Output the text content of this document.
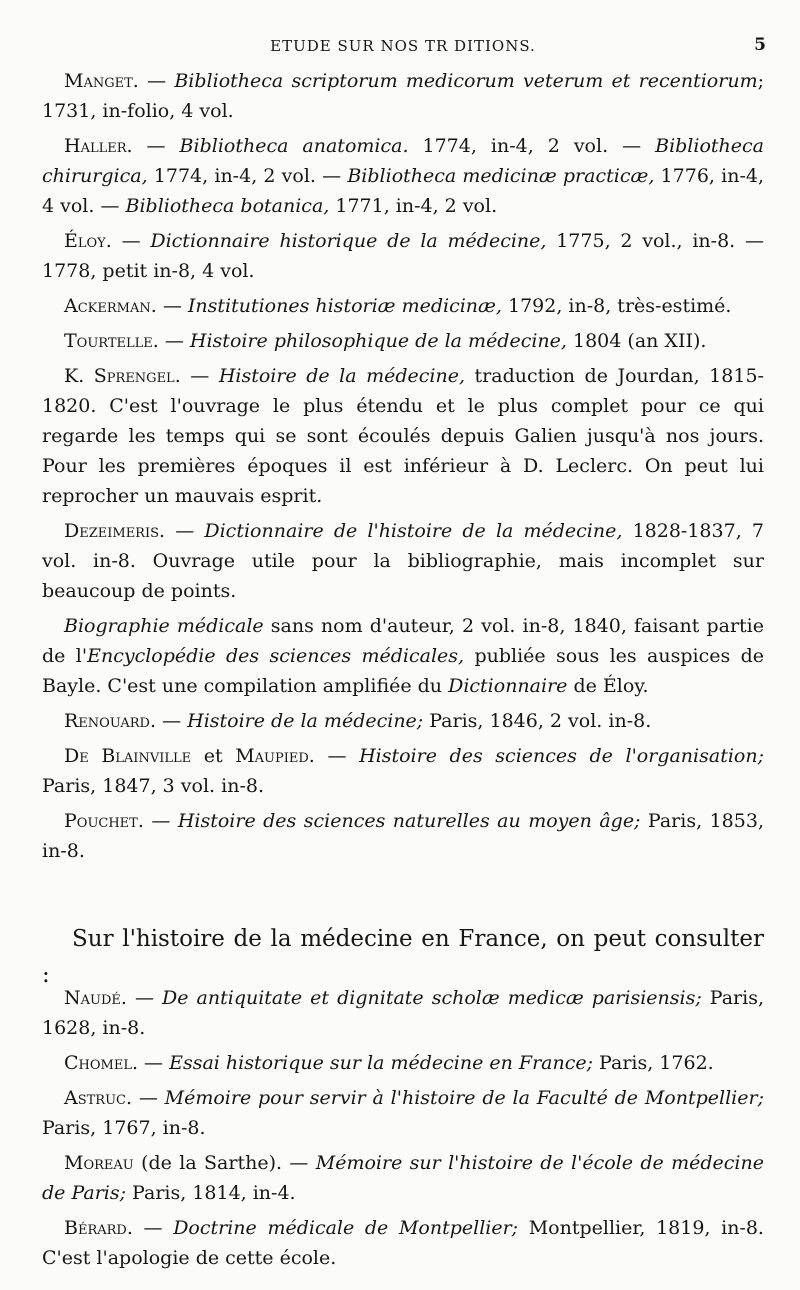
ETUDE SUR NOS TR DITIONS.	5

Manget. — Bibliotheca scriptorum medicorum veterum et recentiorum; 1731, in-folio, 4 vol.

Haller. — Bibliotheca anatomica. 1774, in-4, 2 vol. — Bibliotheca chirurgica, 1774, in-4, 2 vol. — Bibliotheca medicinæ practicæ, 1776, in-4, 4 vol. — Bibliotheca botanica, 1771, in-4, 2 vol.

Éloy. — Dictionnaire historique de la médecine, 1775, 2 vol., in-8. — 1778, petit in-8, 4 vol.

Ackerman. — Institutiones historiæ medicinæ, 1792, in-8, très-estimé.

Tourtelle. — Histoire philosophique de la médecine, 1804 (an XII).

K. Sprengel. — Histoire de la médecine, traduction de Jourdan, 1815-1820. C'est l'ouvrage le plus étendu et le plus complet pour ce qui regarde les temps qui se sont écoulés depuis Galien jusqu'à nos jours. Pour les premières époques il est inférieur à D. Leclerc. On peut lui reprocher un mauvais esprit.

Dezeimeris. — Dictionnaire de l'histoire de la médecine, 1828-1837, 7 vol. in-8. Ouvrage utile pour la bibliographie, mais incomplet sur beaucoup de points.

Biographie médicale sans nom d'auteur, 2 vol. in-8, 1840, faisant partie de l'Encyclopédie des sciences médicales, publiée sous les auspices de Bayle. C'est une compilation amplifiée du Dictionnaire de Éloy.

Renouard. — Histoire de la médecine; Paris, 1846, 2 vol. in-8.

De Blainville et Maupied. — Histoire des sciences de l'organisation; Paris, 1847, 3 vol. in-8.

Pouchet. — Histoire des sciences naturelles au moyen âge; Paris, 1853, in-8.

Sur l'histoire de la médecine en France, on peut consulter :

Naudé. — De antiquitate et dignitate scholæ medicæ parisiensis; Paris, 1628, in-8.

Chomel. — Essai historique sur la médecine en France; Paris, 1762.

Astruc. — Mémoire pour servir à l'histoire de la Faculté de Montpellier; Paris, 1767, in-8.

Moreau (de la Sarthe). — Mémoire sur l'histoire de l'école de médecine de Paris; Paris, 1814, in-4.

Bérard. — Doctrine médicale de Montpellier; Montpellier, 1819, in-8. C'est l'apologie de cette école.
